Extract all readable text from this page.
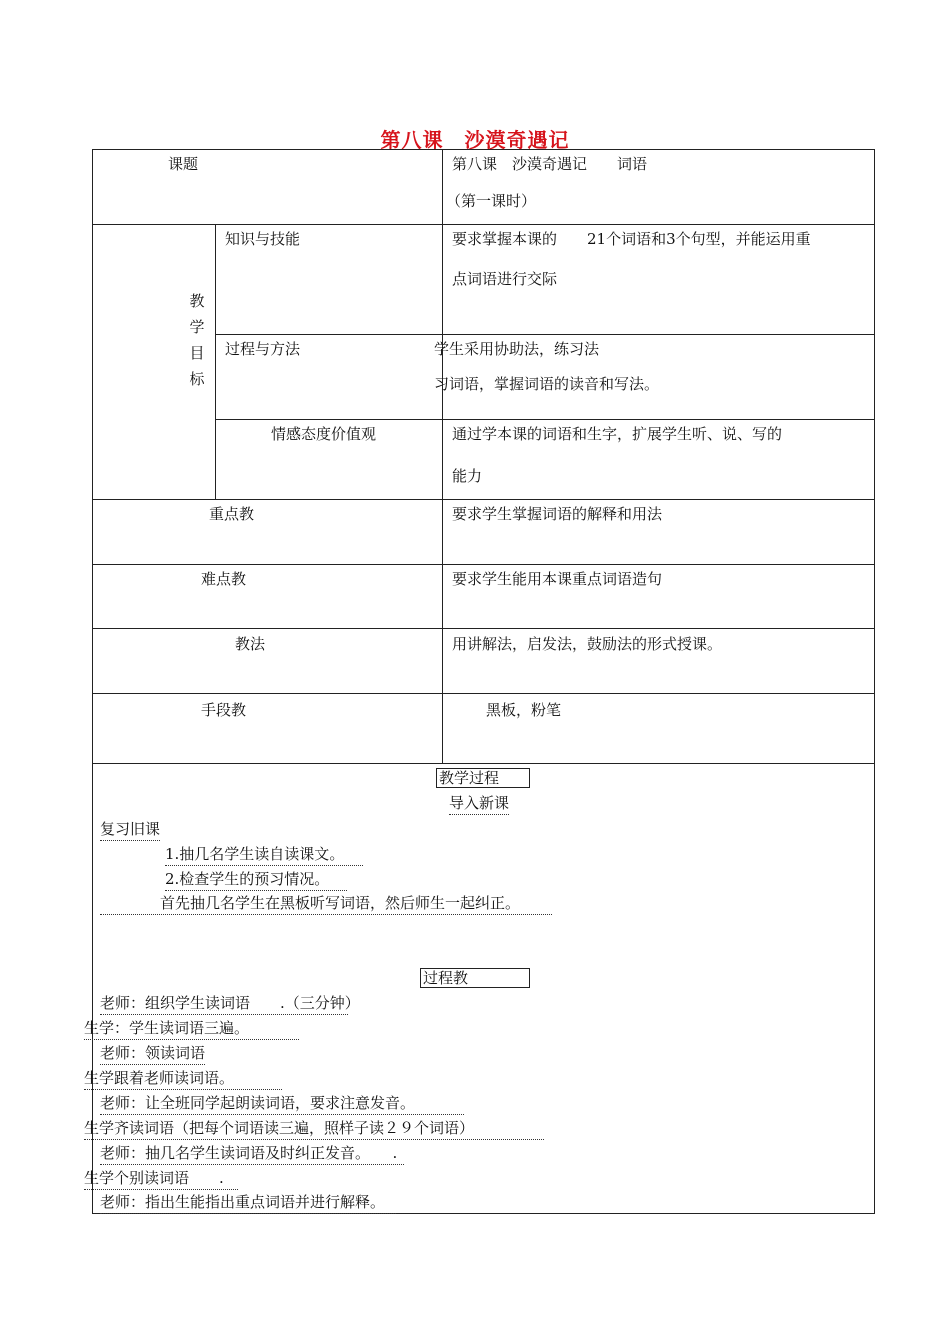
第八课　沙漠奇遇记
课题	第八课　沙漠奇遇记　　词语
（第一课时）
教
学
目
标
知识与技能	要求掌握本课的　　21个词语和3个句型，并能运用重
点词语进行交际
过程与方法	学生采用协助法，练习法
习词语，掌握词语的读音和写法。
情感态度价值观	通过学本课的词语和生字，扩展学生听、说、写的
能力
重点教	要求学生掌握词语的解释和用法
难点教	要求学生能用本课重点词语造句
教法	用讲解法，启发法，鼓励法的形式授课。
手段教	黑板，粉笔
教学过程
导入新课
复习旧课
1.抽几名学生读自读课文。
2.检查学生的预习情况。
首先抽几名学生在黑板听写词语，然后师生一起纠正。
过程教
老师：组织学生读词语　　.（三分钟）
生学：学生读词语三遍。
老师：领读词语
生学跟着老师读词语。
老师：让全班同学起朗读词语，要求注意发音。
生学齐读词语（把每个词语读三遍，照样子读２９个词语）
老师：抽几名学生读词语及时纠正发音。　　.
生学个别读词语　　.
老师：指出生能指出重点词语并进行解释。
